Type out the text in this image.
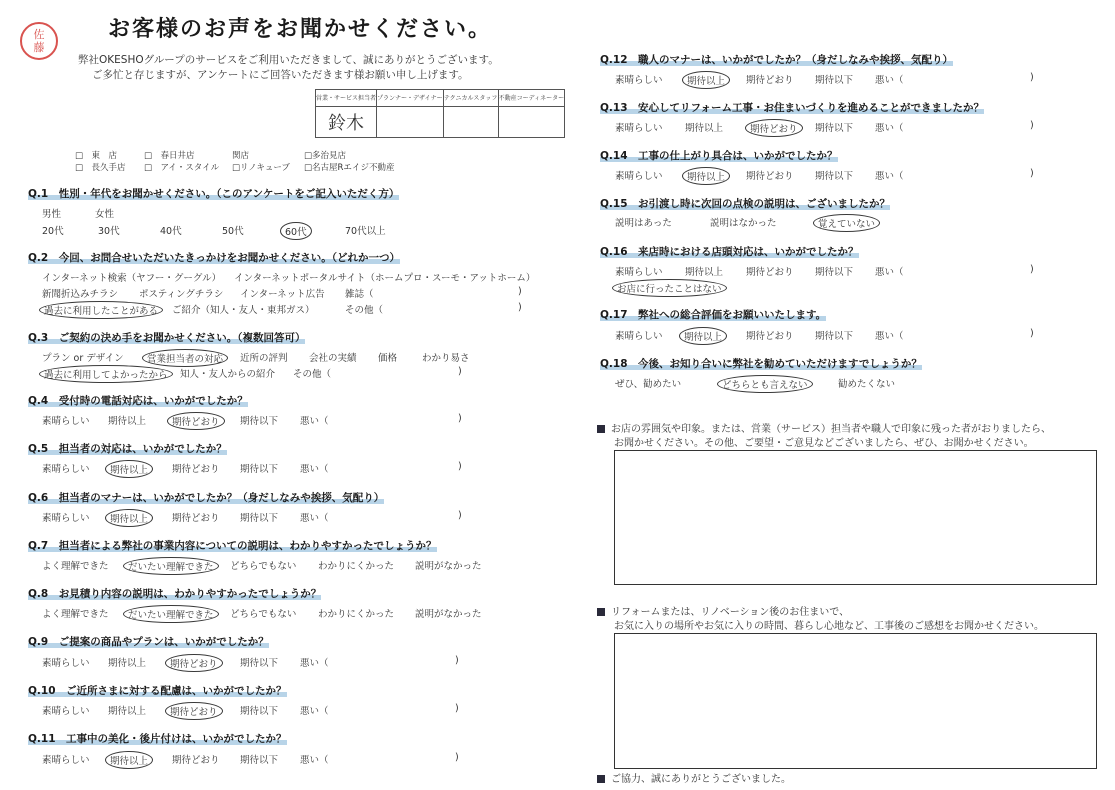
佐藤
お客様のお声をお聞かせください。
弊社OKESHOグループのサービスをご利用いただきまして、誠にありがとうございます。
ご多忙と存じますが、アンケートにご回答いただきます様お願い申し上げます。
営業・サービス担当者	プランナー・デザイナー	テクニカルスタッフ	不動産コーディネーター
鈴木			
□　東　店	□　春日井店	関店	□多治見店
□　長久手店 □　アイ・スタイル □リノキューブ □名古屋Rエイジ不動産
Q.1　性別・年代をお聞かせください。（このアンケートをご記入いただく方）
男性	女性
20代	30代	40代	50代	60代	70代以上
Q.2　今回、お問合せいただいたきっかけをお聞かせください。（どれか一つ）
インターネット検索（ヤフー・グーグル） インターネットポータルサイト（ホームプロ・スーモ・アットホーム）
新聞折込みチラシ ポスティングチラシ インターネット広告 雑誌（	)
過去に利用したことがある	ご紹介（知人・友人・東邦ガス）	その他（	)
Q.3　ご契約の決め手をお聞かせください。（複数回答可）
プラン or デザイン	営業担当者の対応	近所の評判 会社の実績 価格	わかり易さ
過去に利用してよかったから	知人・友人からの紹介 その他（	)
Q.4　受付時の電話対応は、いかがでしたか？
素晴らしい 期待以上	期待どおり	期待以下 悪い（	)
Q.5　担当者の対応は、いかがでしたか？
素晴らしい	期待以上	期待どおり 期待以下 悪い（	)
Q.6　担当者のマナーは、いかがでしたか？（身だしなみや挨拶、気配り）
素晴らしい	期待以上	期待どおり 期待以下 悪い（	)
Q.7　担当者による弊社の事業内容についての説明は、わかりやすかったでしょうか？
よく理解できた	だいたい理解できた	どちらでもない わかりにくかった 説明がなかった
Q.8　お見積り内容の説明は、わかりやすかったでしょうか？
よく理解できた	だいたい理解できた	どちらでもない わかりにくかった 説明がなかった
Q.9　ご提案の商品やプランは、いかがでしたか？
素晴らしい 期待以上	期待どおり	期待以下 悪い（	)
Q.10　ご近所さまに対する配慮は、いかがでしたか？
素晴らしい 期待以上	期待どおり	期待以下 悪い（	)
Q.11　工事中の美化・後片付けは、いかがでしたか？
素晴らしい	期待以上	期待どおり 期待以下 悪い（	)
Q.12　職人のマナーは、いかがでしたか？（身だしなみや挨拶、気配り）
素晴らしい	期待以上	期待どおり 期待以下 悪い（	)
Q.13　安心してリフォーム工事・お住まいづくりを進めることができましたか？
素晴らしい 期待以上	期待どおり	期待以下 悪い（	)
Q.14　工事の仕上がり具合は、いかがでしたか？
素晴らしい	期待以上	期待どおり 期待以下 悪い（	)
Q.15　お引渡し時に次回の点検の説明は、ございましたか？
説明はあった	説明はなかった	覚えていない
Q.16　来店時における店頭対応は、いかがでしたか？
素晴らしい 期待以上 期待どおり 期待以下 悪い（	)
お店に行ったことはない
Q.17　弊社への総合評価をお願いいたします。
素晴らしい	期待以上	期待どおり 期待以下 悪い（	)
Q.18　今後、お知り合いに弊社を勧めていただけますでしょうか？
ぜひ、勧めたい	どちらとも言えない	勧めたくない
お店の雰囲気や印象。または、営業（サービス）担当者や職人で印象に残った者がおりましたら、
お聞かせください。その他、ご要望・ご意見などございましたら、ぜひ、お聞かせください。
リフォームまたは、リノベーション後のお住まいで、
お気に入りの場所やお気に入りの時間、暮らし心地など、工事後のご感想をお聞かせください。
ご協力、誠にありがとうございました。
